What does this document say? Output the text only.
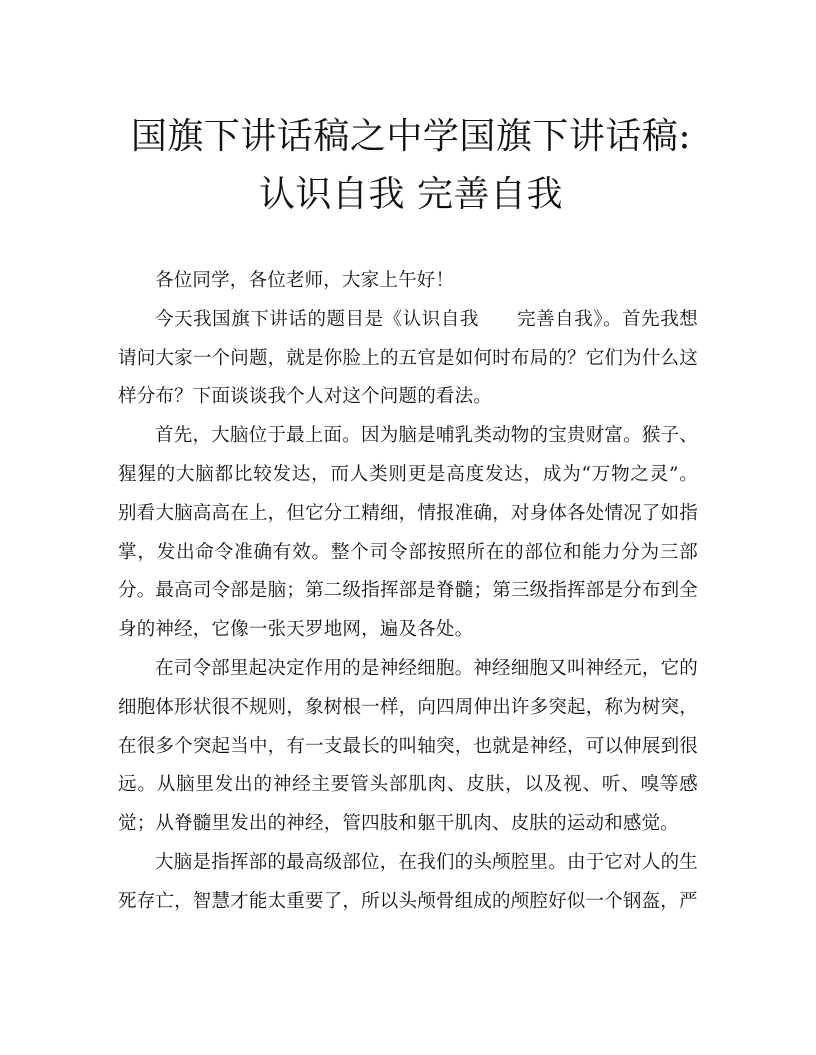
国旗下讲话稿之中学国旗下讲话稿: 认识自我 完善自我

各位同学，各位老师，大家上午好！

今天我国旗下讲话的题目是《认识自我　　完善自我》。首先我想请问大家一个问题，就是你脸上的五官是如何时布局的？它们为什么这样分布？下面谈谈我个人对这个问题的看法。

首先，大脑位于最上面。因为脑是哺乳类动物的宝贵财富。猴子、猩猩的大脑都比较发达，而人类则更是高度发达，成为“万物之灵”。别看大脑高高在上，但它分工精细，情报准确，对身体各处情况了如指掌，发出命令准确有效。整个司令部按照所在的部位和能力分为三部分。最高司令部是脑；第二级指挥部是脊髓；第三级指挥部是分布到全身的神经，它像一张天罗地网，遍及各处。

在司令部里起决定作用的是神经细胞。神经细胞又叫神经元，它的细胞体形状很不规则，象树根一样，向四周伸出许多突起，称为树突，在很多个突起当中，有一支最长的叫轴突，也就是神经，可以伸展到很远。从脑里发出的神经主要管头部肌肉、皮肤，以及视、听、嗅等感觉；从脊髓里发出的神经，管四肢和躯干肌肉、皮肤的运动和感觉。

大脑是指挥部的最高级部位，在我们的头颅腔里。由于它对人的生死存亡，智慧才能太重要了，所以头颅骨组成的颅腔好似一个钢盔，严
